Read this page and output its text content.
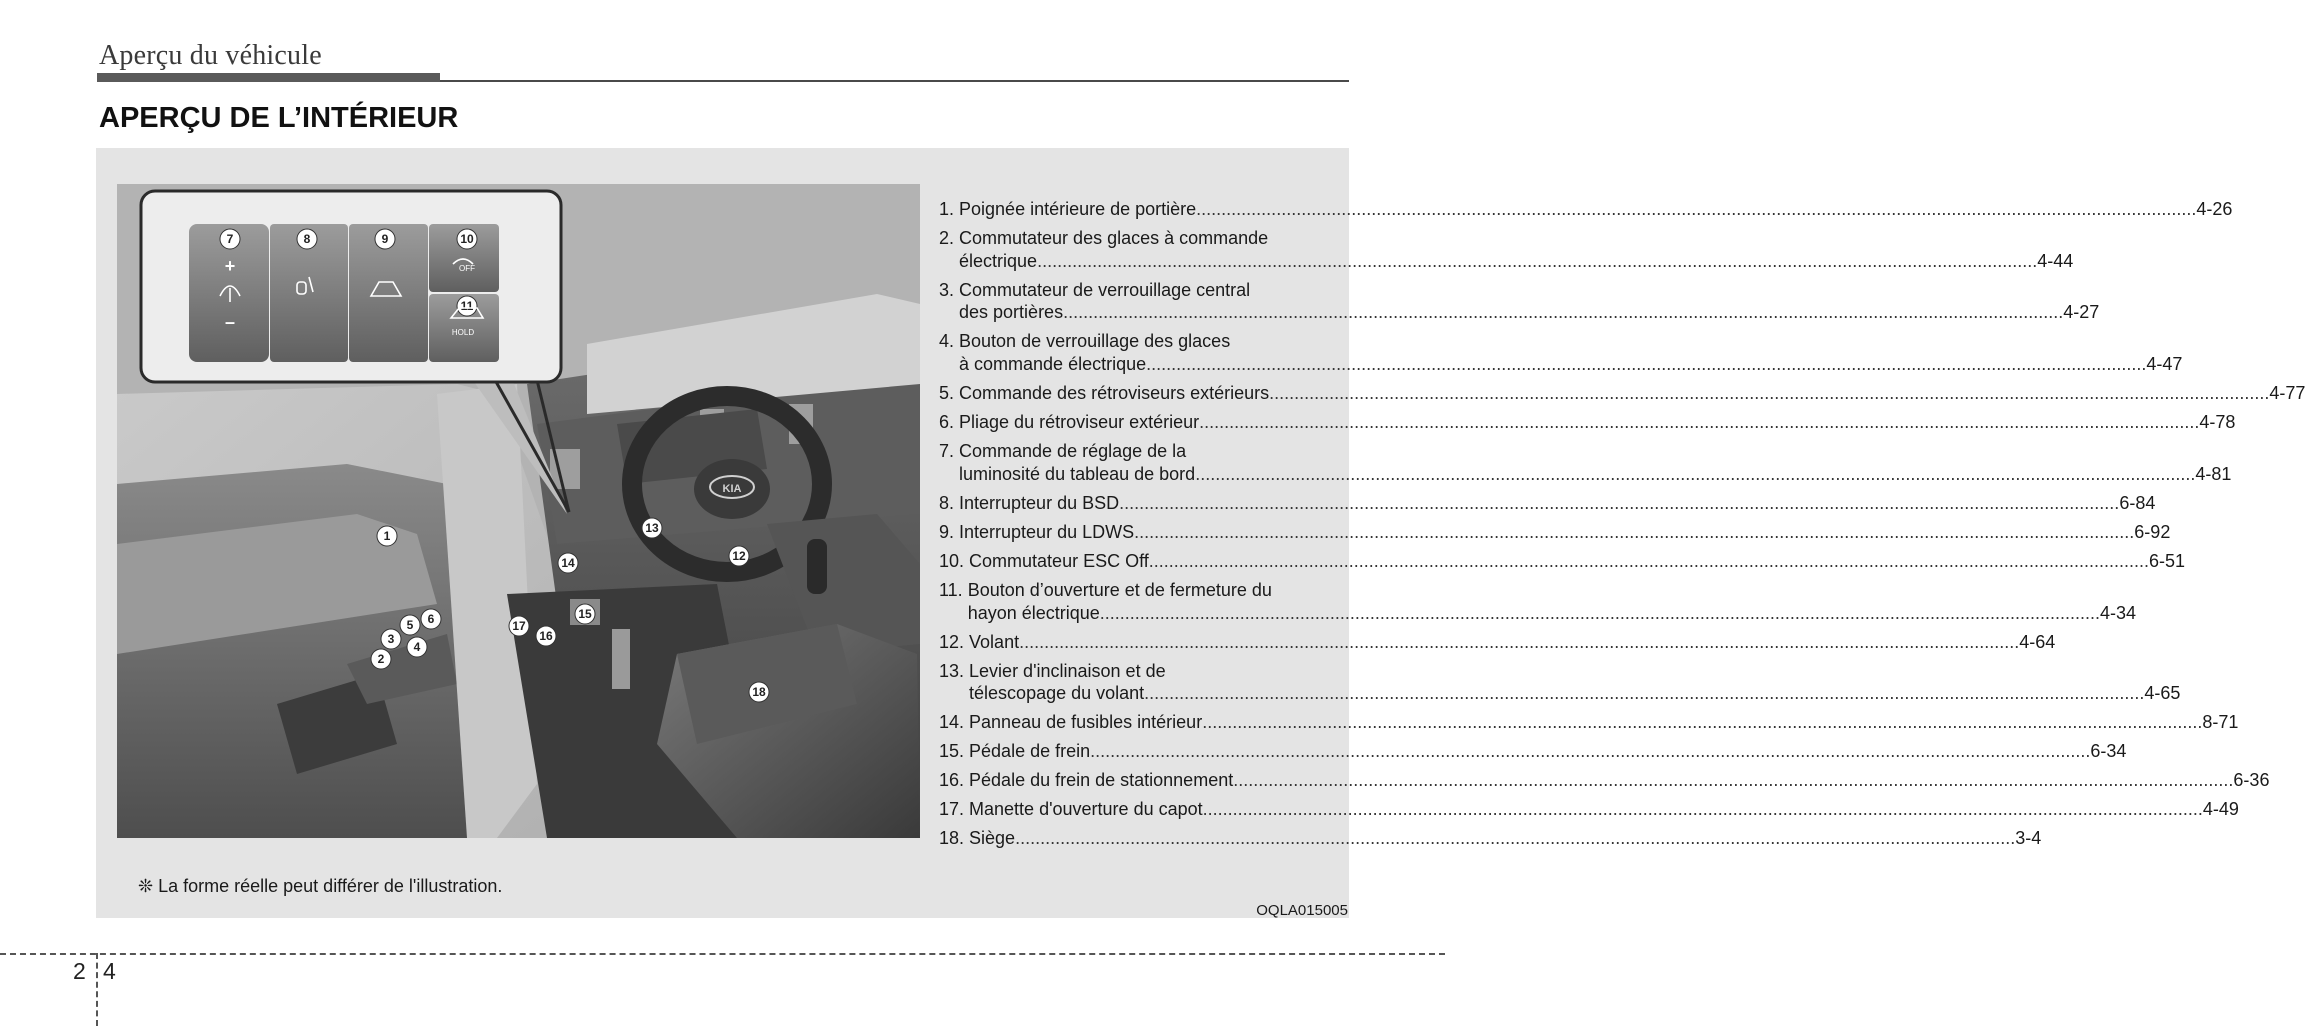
Aperçu du véhicule
APERÇU DE L’INTÉRIEUR
KIA
7	8	9	10
11
+
–
OFF
HOLD
1
2
3
4
5 6
12
13
14
15
16
17
18
1. Poignée intérieure de portière ........................................................................................................................................................................................................ 4-26
2. Commutateur des glaces à commande
électrique ........................................................................................................................................................................................................ 4-44
3. Commutateur de verrouillage central
des portières ........................................................................................................................................................................................................ 4-27
4. Bouton de verrouillage des glaces
à commande électrique ........................................................................................................................................................................................................ 4-47
5. Commande des rétroviseurs extérieurs ........................................................................................................................................................................................................ 4-77
6. Pliage du rétroviseur extérieur ........................................................................................................................................................................................................ 4-78
7. Commande de réglage de la
luminosité du tableau de bord ........................................................................................................................................................................................................ 4-81
8. Interrupteur du BSD ........................................................................................................................................................................................................ 6-84
9. Interrupteur du LDWS ........................................................................................................................................................................................................ 6-92
10. Commutateur ESC Off ........................................................................................................................................................................................................ 6-51
11. Bouton d’ouverture et de fermeture du
hayon électrique ........................................................................................................................................................................................................ 4-34
12. Volant ........................................................................................................................................................................................................ 4-64
13. Levier d'inclinaison et de
télescopage du volant ........................................................................................................................................................................................................ 4-65
14. Panneau de fusibles intérieur ........................................................................................................................................................................................................ 8-71
15. Pédale de frein ........................................................................................................................................................................................................ 6-34
16. Pédale du frein de stationnement ........................................................................................................................................................................................................ 6-36
17. Manette d'ouverture du capot ........................................................................................................................................................................................................ 4-49
18. Siège ........................................................................................................................................................................................................ 3-4
❊ La forme réelle peut différer de l'illustration.
OQLA015005
2 4
